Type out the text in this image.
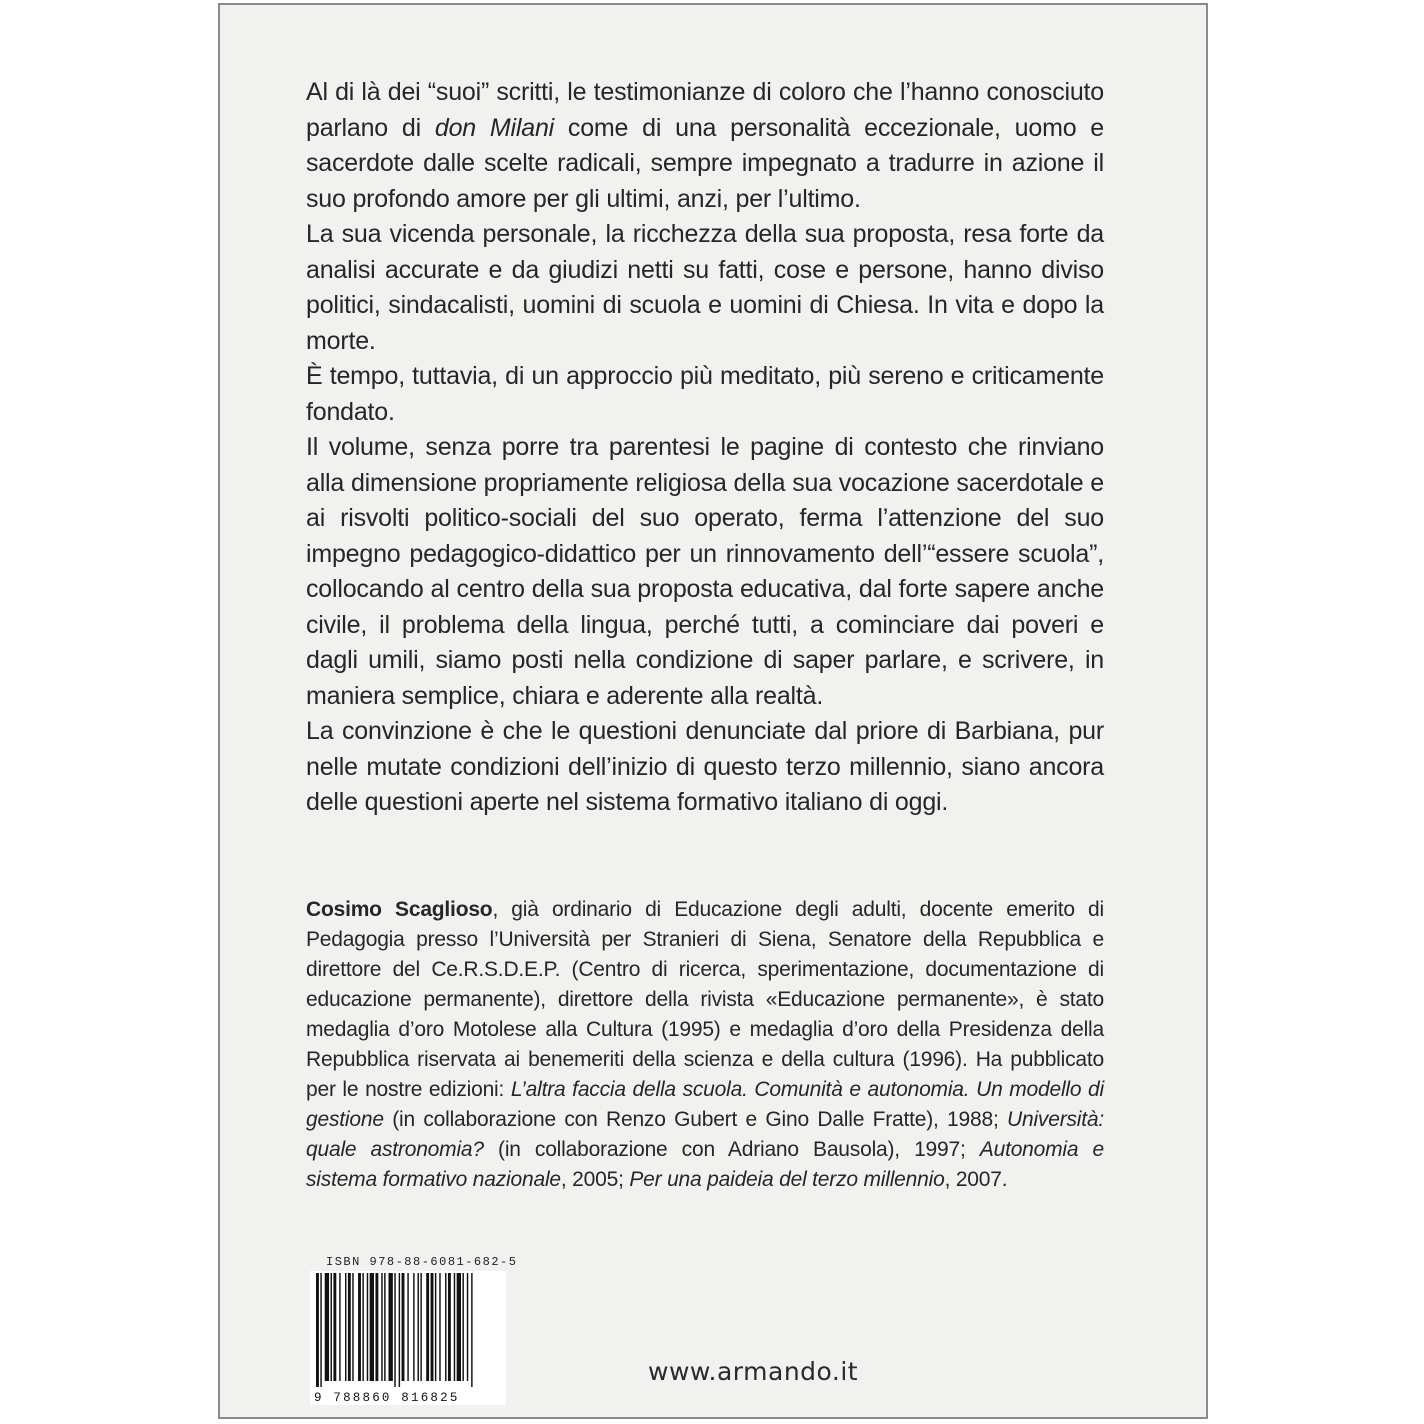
Al di là dei “suoi” scritti, le testimonianze di coloro che l’hanno conosciuto parlano di don Milani come di una personalità eccezionale, uomo e sacerdote dalle scelte radicali, sempre impegnato a tradurre in azione il suo profondo amore per gli ultimi, anzi, per l’ultimo.

La sua vicenda personale, la ricchezza della sua proposta, resa forte da analisi accurate e da giudizi netti su fatti, cose e persone, hanno diviso politici, sindacalisti, uomini di scuola e uomini di Chiesa. In vita e dopo la morte.

È tempo, tuttavia, di un approccio più meditato, più sereno e criticamente fondato.

Il volume, senza porre tra parentesi le pagine di contesto che rinviano alla dimensione propriamente religiosa della sua vocazione sacerdotale e ai risvolti politico-sociali del suo operato, ferma l’attenzione del suo impegno pedagogico-didattico per un rinnovamento dell’“essere scuola”, collocando al centro della sua proposta educativa, dal forte sapere anche civile, il problema della lingua, perché tutti, a cominciare dai poveri e dagli umili, siamo posti nella condizione di saper parlare, e scrivere, in maniera semplice, chiara e aderente alla realtà.

La convinzione è che le questioni denunciate dal priore di Barbiana, pur nelle mutate condizioni dell’inizio di questo terzo millennio, siano ancora delle questioni aperte nel sistema formativo italiano di oggi.

Cosimo Scaglioso, già ordinario di Educazione degli adulti, docente emerito di Pedagogia presso l’Università per Stranieri di Siena, Senatore della Repubblica e direttore del Ce.R.S.D.E.P. (Centro di ricerca, sperimentazione, documentazione di educazione permanente), direttore della rivista «Educazione permanente», è stato medaglia d’oro Motolese alla Cultura (1995) e medaglia d’oro della Presidenza della Repubblica riservata ai benemeriti della scienza e della cultura (1996). Ha pubblicato per le nostre edizioni: L’altra faccia della scuola. Comunità e autonomia. Un modello di gestione (in collaborazione con Renzo Gubert e Gino Dalle Fratte), 1988; Università: quale astronomia? (in collaborazione con Adriano Bausola), 1997; Autonomia e sistema formativo nazionale, 2005; Per una paideia del terzo millennio, 2007.

ISBN 978-88-6081-682-5
9 788860 816825
www.armando.it
